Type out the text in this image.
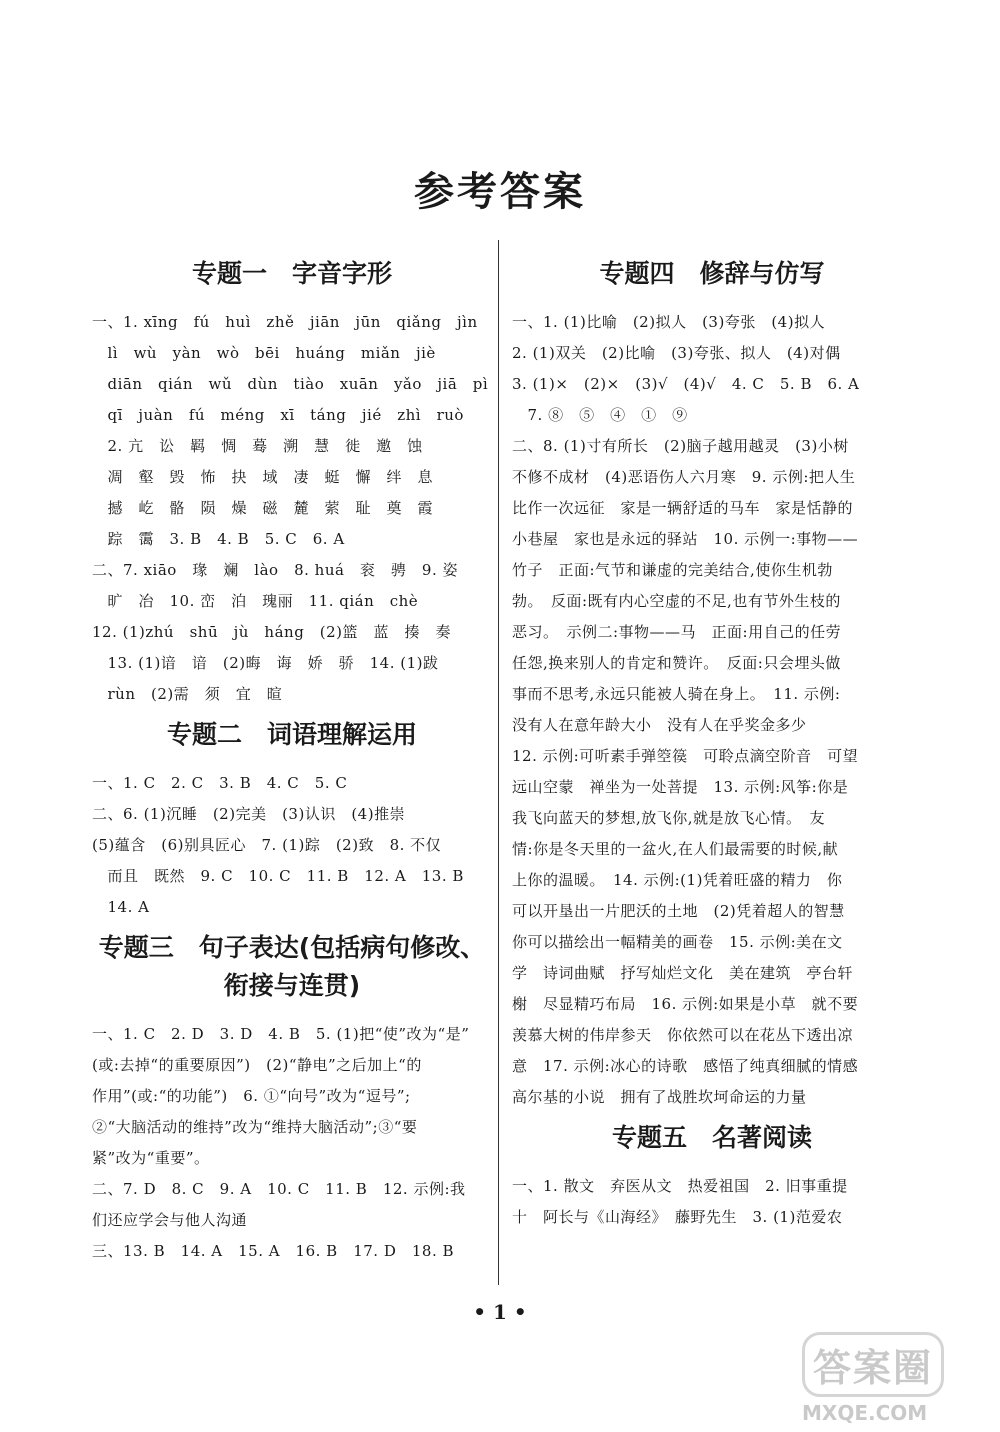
参考答案
专题一　字音字形
一、1. xīng　fú　huì　zhě　jiān　jūn　qiǎng　jìn
　lì　wù　yàn　wò　bēi　huáng　miǎn　jiè
　diān　qián　wǔ　dùn　tiào　xuān　yǎo　jiā　pì
　qī　juàn　fú　méng　xī　táng　jié　zhì　ruò
　2. 亢　讼　羁　惆　蓦　溯　慧　徙　邀　蚀
　凋　壑　毁　怖　抉　域　凄　蜓　懈　绊　息
　撼　屹　骼　陨　燥　磁　麓　萦　耻　奠　霞
　踪　霭　3. B　4. B　5. C　6. A
二、7. xiāo　瑑　斓　lào　8. huá　衮　骋　9. 姿
　旷　冶　10. 峦　泊　瑰丽　11. qián　chè
12. (1)zhú　shū　jù　háng　(2)篮　蓝　揍　奏
　13. (1)谙　谙　(2)晦　诲　娇　骄　14. (1)跋
　rùn　(2)需　须　宜　暄
专题二　词语理解运用
一、1. C　2. C　3. B　4. C　5. C
二、6. (1)沉睡　(2)完美　(3)认识　(4)推崇
(5)蕴含　(6)别具匠心　7. (1)踪　(2)致　8. 不仅
　而且　既然　9. C　10. C　11. B　12. A　13. B
　14. A
专题三　句子表达(包括病句修改、衔接与连贯)
一、1. C　2. D　3. D　4. B　5. (1)把“使”改为“是”
(或:去掉“的重要原因”)　(2)“静电”之后加上“的
作用”(或:“的功能”)　6. ①“向号”改为“逗号”;
②“大脑活动的维持”改为“维持大脑活动”;③“要
紧”改为“重要”。
二、7. D　8. C　9. A　10. C　11. B　12. 示例:我
们还应学会与他人沟通
三、13. B　14. A　15. A　16. B　17. D　18. B
专题四　修辞与仿写
一、1. (1)比喻　(2)拟人　(3)夸张　(4)拟人
2. (1)双关　(2)比喻　(3)夸张、拟人　(4)对偶
3. (1)×　(2)×　(3)√　(4)√　4. C　5. B　6. A
　7. ⑧　⑤　④　①　⑨
二、8. (1)寸有所长　(2)脑子越用越灵　(3)小树
不修不成材　(4)恶语伤人六月寒　9. 示例:把人生
比作一次远征　家是一辆舒适的马车　家是恬静的
小巷屋　家也是永远的驿站　10. 示例一:事物——
竹子　正面:气节和谦虚的完美结合,使你生机勃
勃。　反面:既有内心空虚的不足,也有节外生枝的
恶习。　示例二:事物——马　正面:用自己的任劳
任怨,换来别人的肯定和赞许。　反面:只会埋头做
事而不思考,永远只能被人骑在身上。　11. 示例:
没有人在意年龄大小　没有人在乎奖金多少
12. 示例:可听素手弹箜篌　可聆点滴空阶音　可望
远山空蒙　禅坐为一处菩提　13. 示例:风筝:你是
我飞向蓝天的梦想,放飞你,就是放飞心情。　友
情:你是冬天里的一盆火,在人们最需要的时候,献
上你的温暖。　14. 示例:(1)凭着旺盛的精力　你
可以开垦出一片肥沃的土地　(2)凭着超人的智慧
你可以描绘出一幅精美的画卷　15. 示例:美在文
学　诗词曲赋　抒写灿烂文化　美在建筑　亭台轩
榭　尽显精巧布局　16. 示例:如果是小草　就不要
羡慕大树的伟岸参天　你依然可以在花丛下透出凉
意　17. 示例:冰心的诗歌　感悟了纯真细腻的情感
高尔基的小说　拥有了战胜坎坷命运的力量
专题五　名著阅读
一、1. 散文　弃医从文　热爱祖国　2. 旧事重提
十　阿长与《山海经》　藤野先生　3. (1)范爱农
• 1 •
答案圈
MXQE.COM
